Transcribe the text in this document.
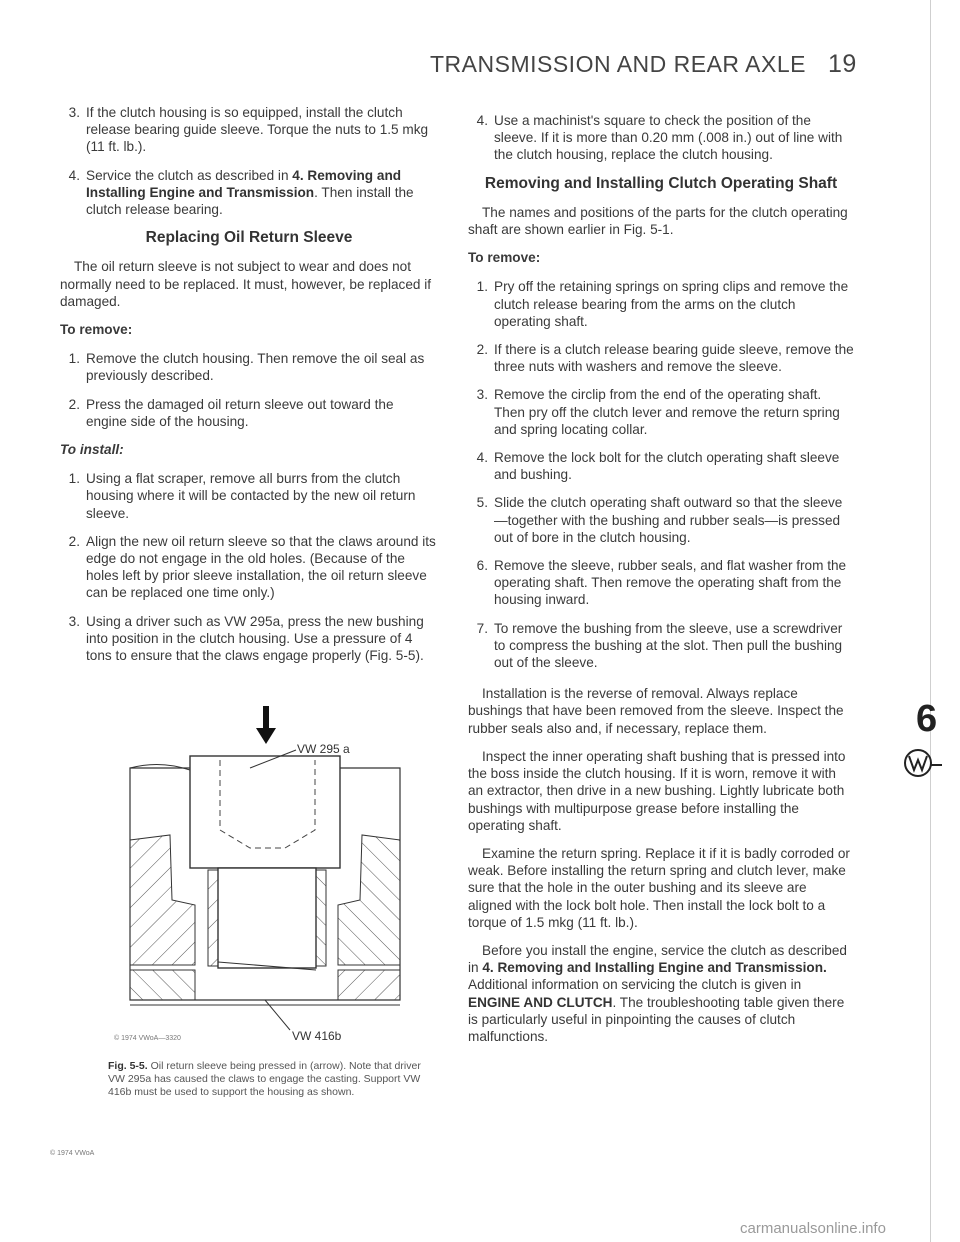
TRANSMISSION AND REAR AXLE 19
3. If the clutch housing is so equipped, install the clutch release bearing guide sleeve. Torque the nuts to 1.5 mkg (11 ft. lb.).
4. Service the clutch as described in 4. Removing and Installing Engine and Transmission. Then install the clutch release bearing.
Replacing Oil Return Sleeve

The oil return sleeve is not subject to wear and does not normally need to be replaced. It must, however, be replaced if damaged.

To remove:
1. Remove the clutch housing. Then remove the oil seal as previously described.
2. Press the damaged oil return sleeve out toward the engine side of the housing.
To install:
1. Using a flat scraper, remove all burrs from the clutch housing where it will be contacted by the new oil return sleeve.
2. Align the new oil return sleeve so that the claws around its edge do not engage in the old holes. (Because of the holes left by prior sleeve installation, the oil return sleeve can be replaced one time only.)
3. Using a driver such as VW 295a, press the new bushing into position in the clutch housing. Use a pressure of 4 tons to ensure that the claws engage properly (Fig. 5-5).
VW 295 a
VW 416b
© 1974 VWoA—3320
Fig. 5-5. Oil return sleeve being pressed in (arrow). Note that driver VW 295a has caused the claws to engage the casting. Support VW 416b must be used to support the housing as shown.
© 1974 VWoA
4. Use a machinist's square to check the position of the sleeve. If it is more than 0.20 mm (.008 in.) out of line with the clutch housing, replace the clutch housing.
Removing and Installing Clutch Operating Shaft

The names and positions of the parts for the clutch operating shaft are shown earlier in Fig. 5-1.

To remove:
1. Pry off the retaining springs on spring clips and remove the clutch release bearing from the arms on the clutch operating shaft.
2. If there is a clutch release bearing guide sleeve, remove the three nuts with washers and remove the sleeve.
3. Remove the circlip from the end of the operating shaft. Then pry off the clutch lever and remove the return spring and spring locating collar.
4. Remove the lock bolt for the clutch operating shaft sleeve and bushing.
5. Slide the clutch operating shaft outward so that the sleeve—together with the bushing and rubber seals—is pressed out of bore in the clutch housing.
6. Remove the sleeve, rubber seals, and flat washer from the operating shaft. Then remove the operating shaft from the housing inward.
7. To remove the bushing from the sleeve, use a screwdriver to compress the bushing at the slot. Then pull the bushing out of the sleeve.

Installation is the reverse of removal. Always replace bushings that have been removed from the sleeve. Inspect the rubber seals also and, if necessary, replace them.

Inspect the inner operating shaft bushing that is pressed into the boss inside the clutch housing. If it is worn, remove it with an extractor, then drive in a new bushing. Lightly lubricate both bushings with multipurpose grease before installing the operating shaft.

Examine the return spring. Replace it if it is badly corroded or weak. Before installing the return spring and clutch lever, make sure that the hole in the outer bushing and its sleeve are aligned with the lock bolt hole. Then install the lock bolt to a torque of 1.5 mkg (11 ft. lb.).

Before you install the engine, service the clutch as described in 4. Removing and Installing Engine and Transmission. Additional information on servicing the clutch is given in ENGINE AND CLUTCH. The troubleshooting table given there is particularly useful in pinpointing the causes of clutch malfunctions.

6
carmanualsonline.info
